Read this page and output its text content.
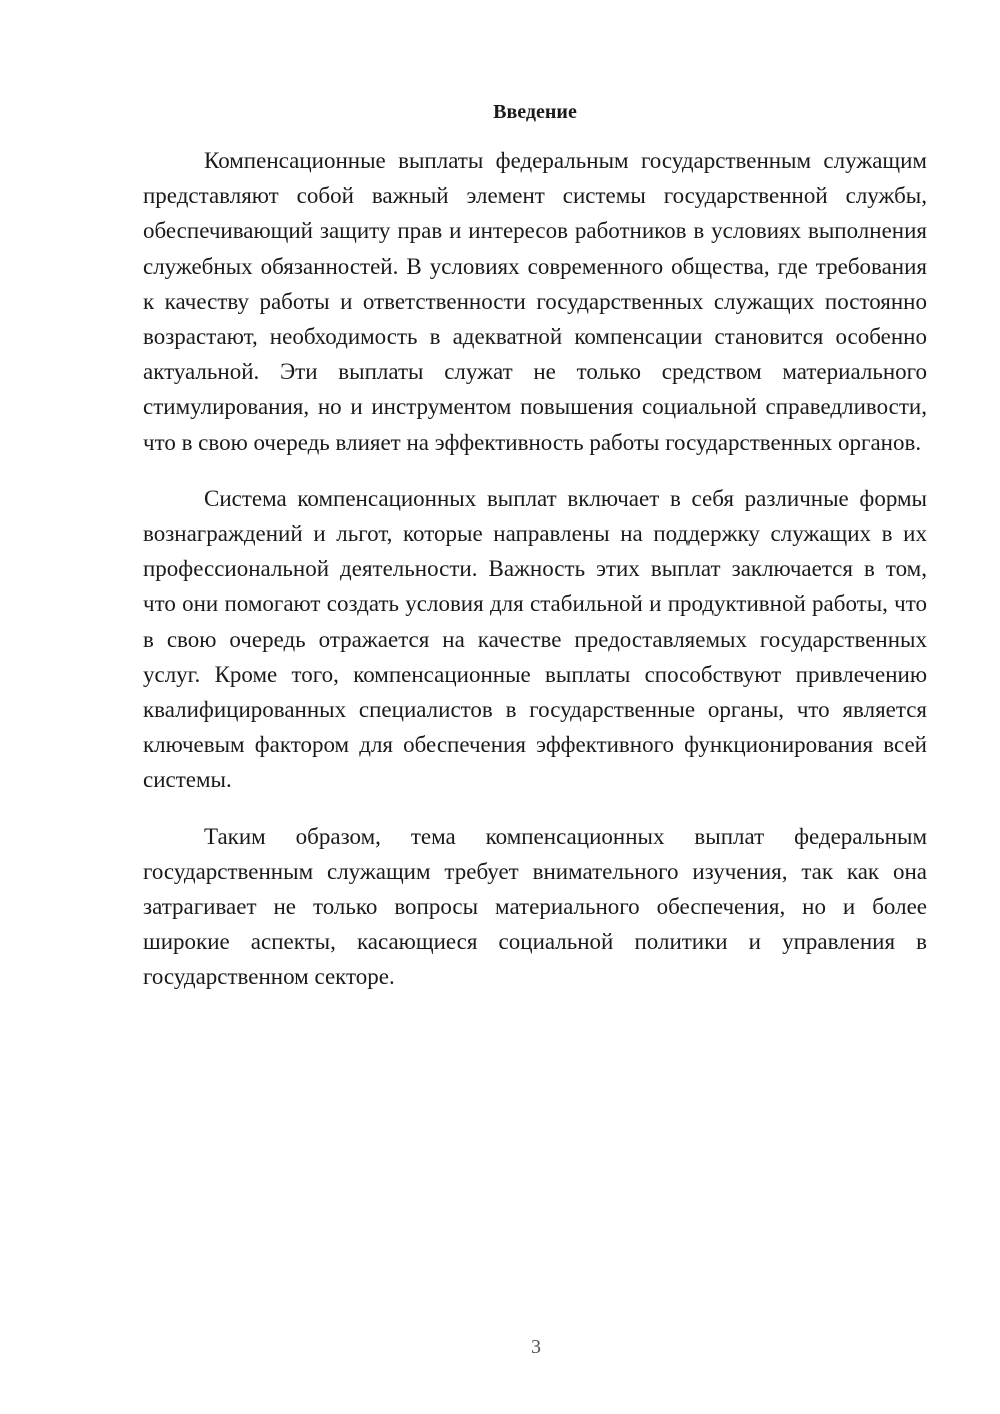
Введение

Компенсационные выплаты федеральным государственным служащим представляют собой важный элемент системы государственной службы, обеспечивающий защиту прав и интересов работников в условиях выполнения служебных обязанностей. В условиях современного общества, где требования к качеству работы и ответственности государственных служащих постоянно возрастают, необходимость в адекватной компенсации становится особенно актуальной. Эти выплаты служат не только средством материального стимулирования, но и инструментом повышения социальной справедливости, что в свою очередь влияет на эффективность работы государственных органов.

Система компенсационных выплат включает в себя различные формы вознаграждений и льгот, которые направлены на поддержку служащих в их профессиональной деятельности. Важность этих выплат заключается в том, что они помогают создать условия для стабильной и продуктивной работы, что в свою очередь отражается на качестве предоставляемых государственных услуг. Кроме того, компенсационные выплаты способствуют привлечению квалифицированных специалистов в государственные органы, что является ключевым фактором для обеспечения эффективного функционирования всей системы.

Таким образом, тема компенсационных выплат федеральным государственным служащим требует внимательного изучения, так как она затрагивает не только вопросы материального обеспечения, но и более широкие аспекты, касающиеся социальной политики и управления в государственном секторе.

3
